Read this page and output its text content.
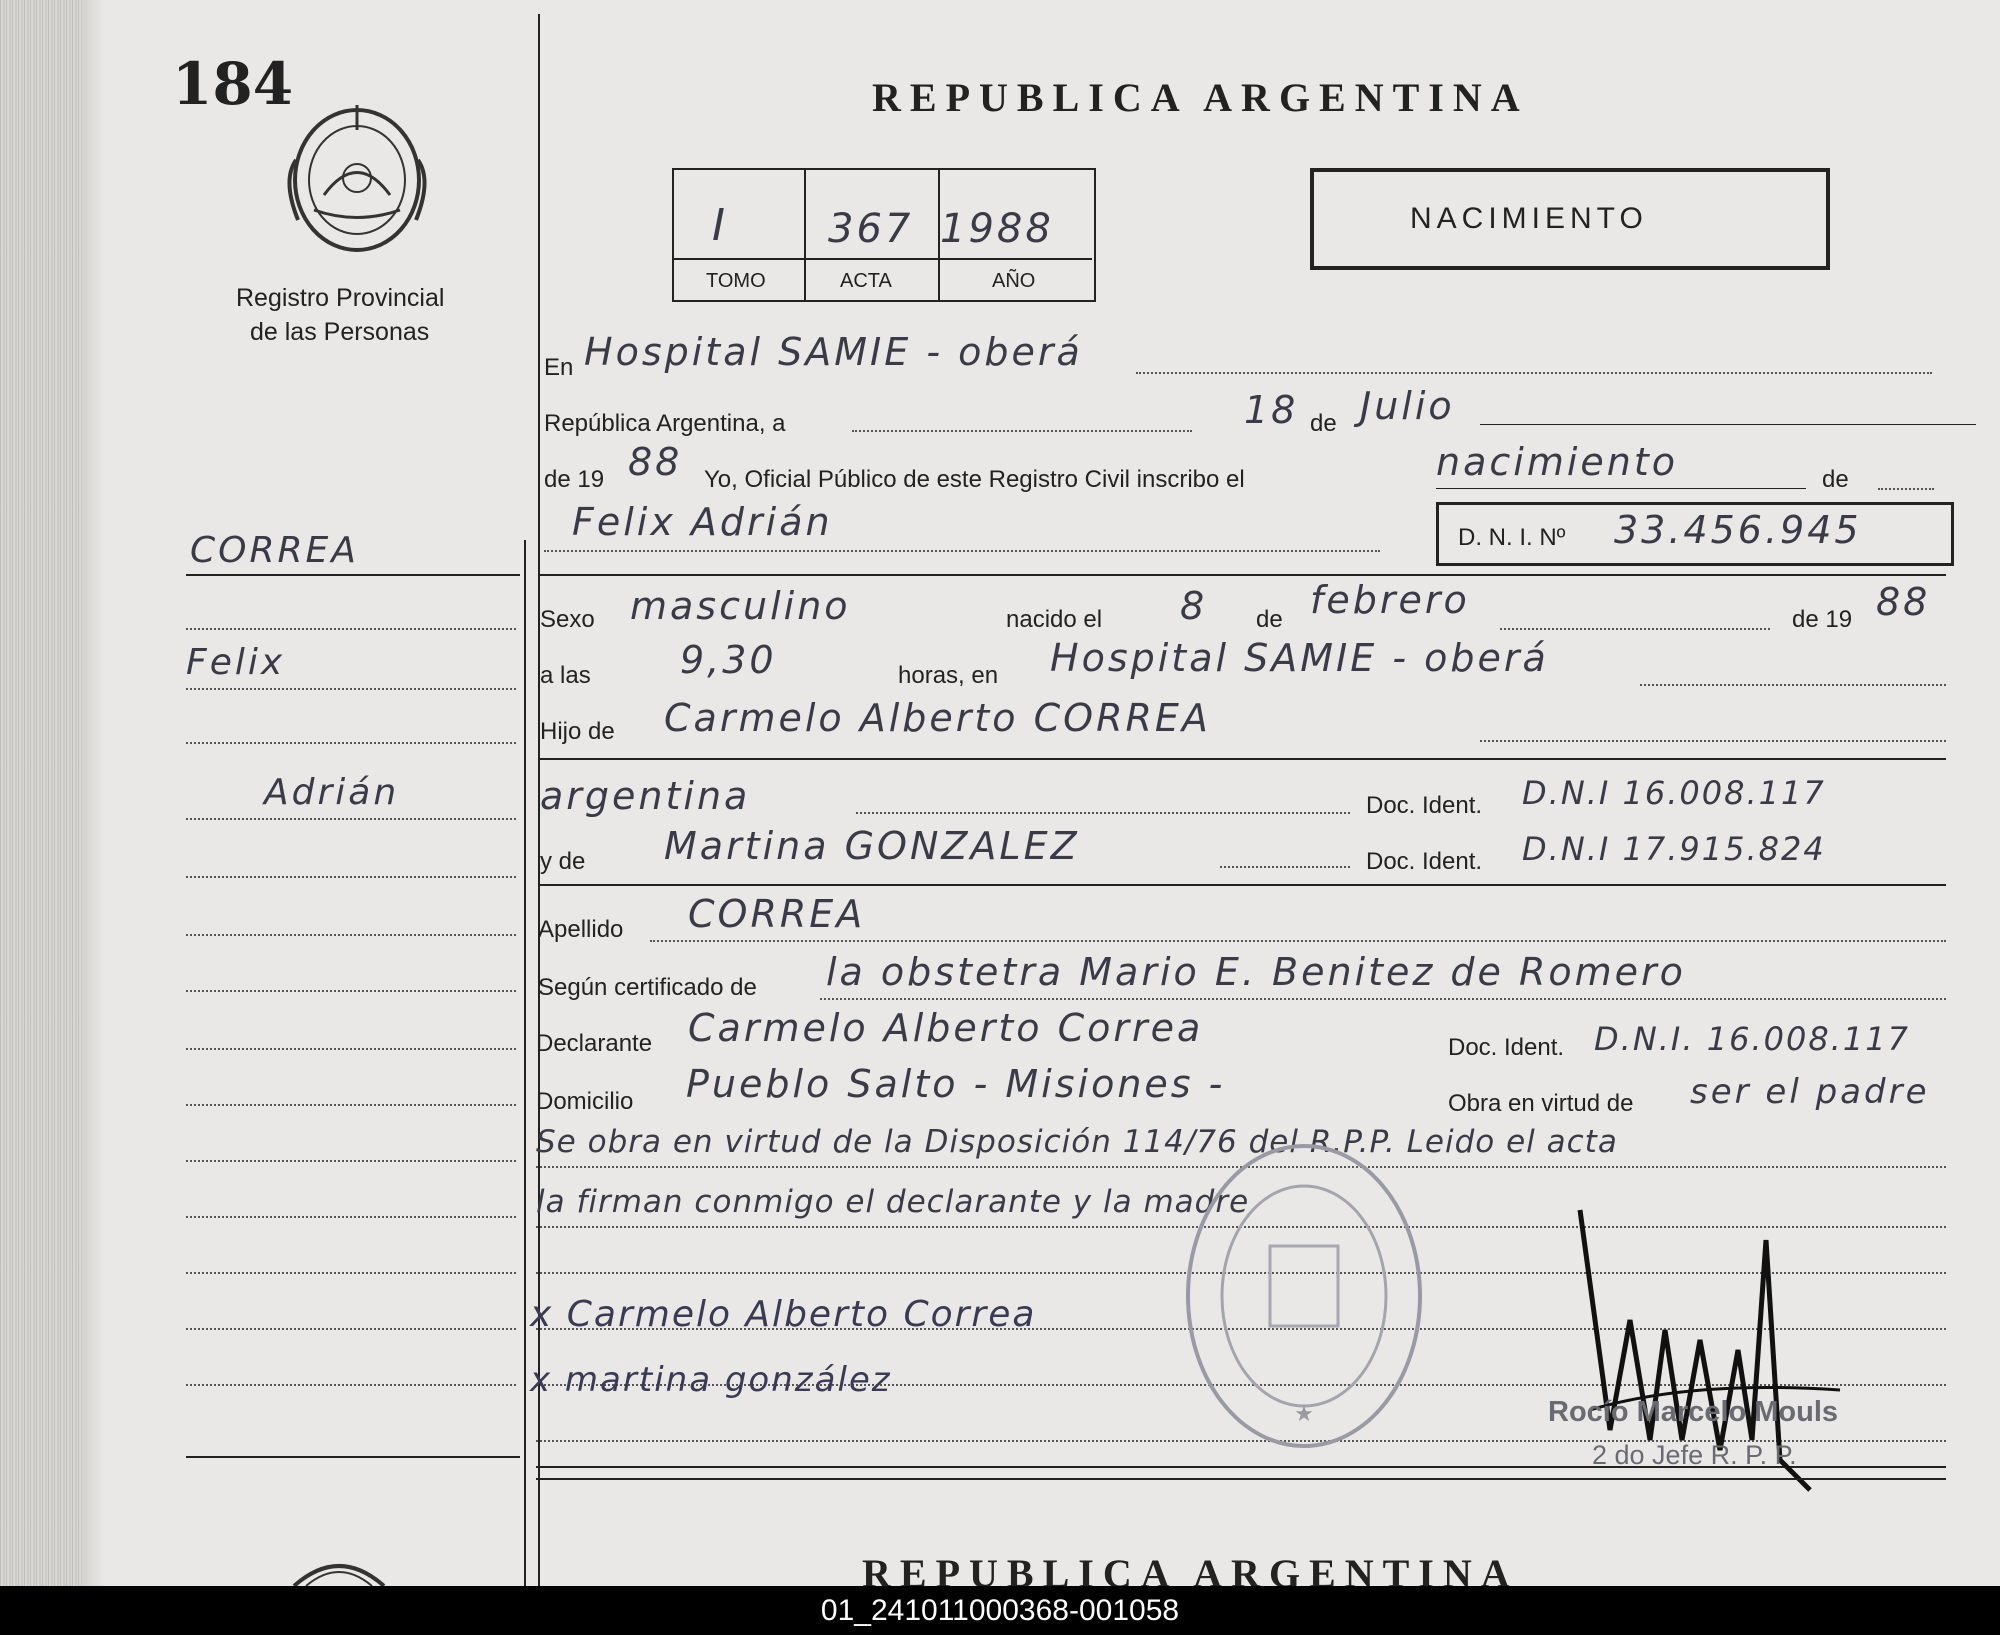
184
Registro Provincial
de las Personas
CORREA
Felix
Adrián
REPUBLICA ARGENTINA
I	367 1988
TOMO	ACTA	AÑO
NACIMIENTO
En Hospital SAMIE - oberá
República Argentina, a	18 de Julio
de 19 88 Yo, Oficial Público de este Registro Civil inscribo el	nacimiento	de
Felix Adrián	D. N. I. Nº 33.456.945
Sexo masculino	nacido el 8 de febrero	de 19 88
a las 9,30	horas, en Hospital SAMIE - oberá
Hijo de Carmelo Alberto CORREA
argentina	Doc. Ident. D.N.I 16.008.117
y de Martina GONZALEZ	Doc. Ident. D.N.I 17.915.824
Apellido CORREA
Según certificado de la obstetra Mario E. Benitez de Romero
Declarante Carmelo Alberto Correa	Doc. Ident. D.N.I. 16.008.117
Domicilio Pueblo Salto - Misiones -	Obra en virtud de ser el padre
Se obra en virtud de la Disposición 114/76 del R.P.P. Leido el acta
la firman conmigo el declarante y la madre
★
x Carmelo Alberto Correa
x martina gonzález
Rocío Marcelo Mouls
2 do Jefe R. P. P.
REPUBLICA ARGENTINA
01_241011000368-001058
